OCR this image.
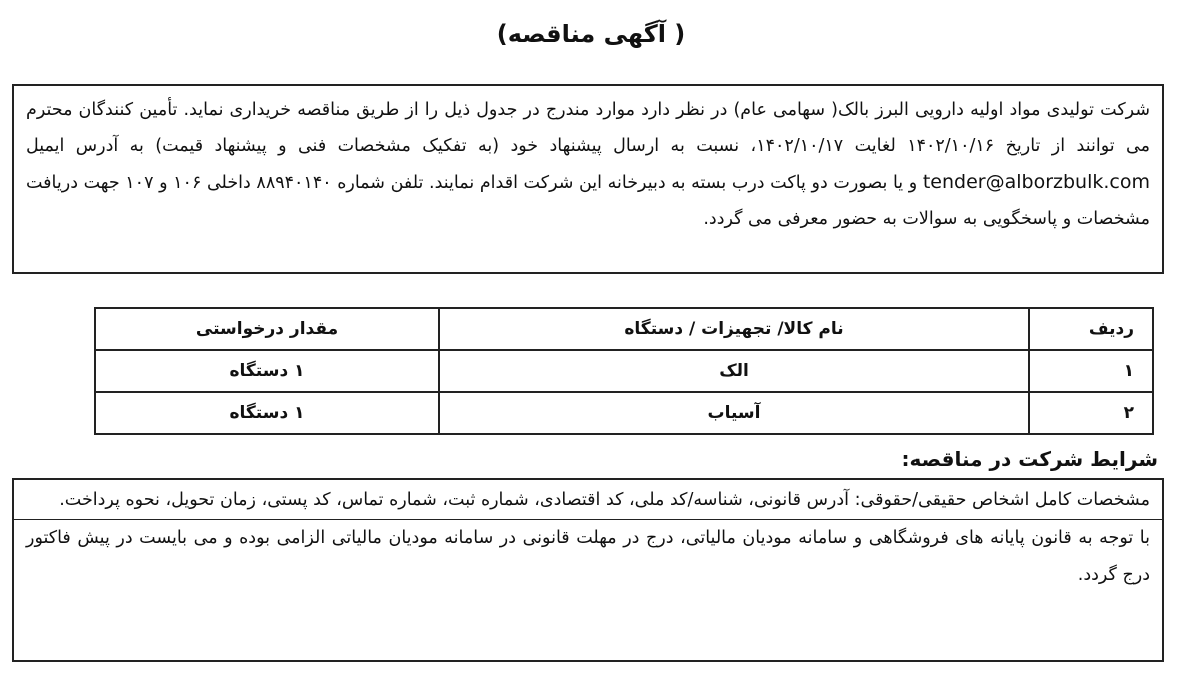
( آگهی مناقصه)

شرکت تولیدی مواد اولیه دارویی البرز بالک( سهامی عام) در نظر دارد موارد مندرج در جدول ذیل را از طریق مناقصه خریداری نماید. تأمین کنندگان محترم می توانند از تاریخ ۱۴۰۲/۱۰/۱۶ لغایت ۱۴۰۲/۱۰/۱۷، نسبت به ارسال پیشنهاد خود (به تفکیک مشخصات فنی و پیشنهاد قیمت) به آدرس ایمیل tender@alborzbulk.com و یا بصورت دو پاکت درب بسته به دبیرخانه این شرکت اقدام نمایند. تلفن شماره ۸۸۹۴۰۱۴۰ داخلی ۱۰۶ و ۱۰۷ جهت دریافت مشخصات و پاسخگویی به سوالات به حضور معرفی می گردد.

ردیف	نام کالا/ تجهیزات / دستگاه	مقدار درخواستی
۱	الک	۱ دستگاه
۲	آسیاب	۱ دستگاه
شرایط شرکت در مناقصه:

مشخصات کامل اشخاص حقیقی/حقوقی: آدرس قانونی، شناسه/کد ملی، کد اقتصادی، شماره ثبت، شماره تماس، کد پستی، زمان تحویل، نحوه پرداخت.

با توجه به قانون پایانه های فروشگاهی و سامانه مودیان مالیاتی، درج در مهلت قانونی در سامانه مودیان مالیاتی الزامی بوده و می بایست در پیش فاکتور درج گردد.
